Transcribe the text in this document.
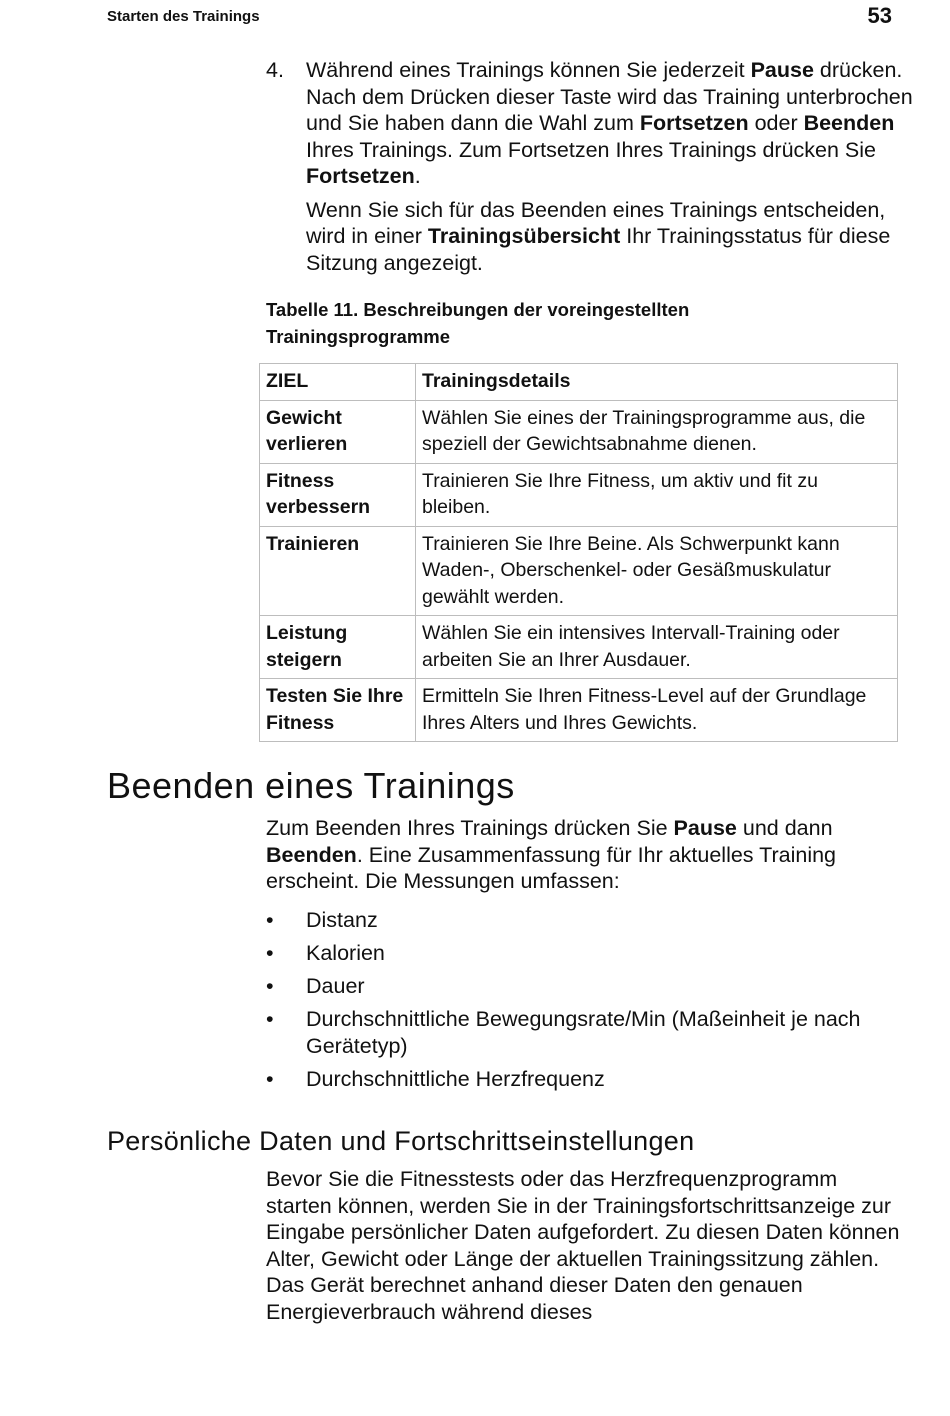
Starten des Trainings	53
4. Während eines Trainings können Sie jederzeit Pause drücken. Nach dem Drücken dieser Taste wird das Training unterbrochen und Sie haben dann die Wahl zum Fortsetzen oder Beenden Ihres Trainings. Zum Fortsetzen Ihres Trainings drücken Sie Fortsetzen.
Wenn Sie sich für das Beenden eines Trainings entscheiden, wird in einer Trainingsübersicht Ihr Trainingsstatus für diese Sitzung angezeigt.
Tabelle 11. Beschreibungen der voreingestellten
Trainingsprogramme
ZIEL	Trainingsdetails
Gewicht verlieren	Wählen Sie eines der Trainingsprogramme aus, die speziell der Gewichtsabnahme dienen.
Fitness verbessern	Trainieren Sie Ihre Fitness, um aktiv und fit zu bleiben.
Trainieren	Trainieren Sie Ihre Beine. Als Schwerpunkt kann Waden-, Oberschenkel- oder Gesäßmuskulatur gewählt werden.
Leistung steigern	Wählen Sie ein intensives Intervall-Training oder arbeiten Sie an Ihrer Ausdauer.
Testen Sie Ihre Fitness	Ermitteln Sie Ihren Fitness-Level auf der Grundlage Ihres Alters und Ihres Gewichts.
Beenden eines Trainings
Zum Beenden Ihres Trainings drücken Sie Pause und dann Beenden. Eine Zusammenfassung für Ihr aktuelles Training erscheint. Die Messungen umfassen:
• Distanz
• Kalorien
• Dauer
• Durchschnittliche Bewegungsrate/Min (Maßeinheit je nach Gerätetyp)
• Durchschnittliche Herzfrequenz
Persönliche Daten und Fortschrittseinstellungen
Bevor Sie die Fitnesstests oder das Herzfrequenzprogramm starten können, werden Sie in der Trainingsfortschrittsanzeige zur Eingabe persönlicher Daten aufgefordert. Zu diesen Daten können Alter, Gewicht oder Länge der aktuellen Trainingssitzung zählen. Das Gerät berechnet anhand dieser Daten den genauen Energieverbrauch während dieses
